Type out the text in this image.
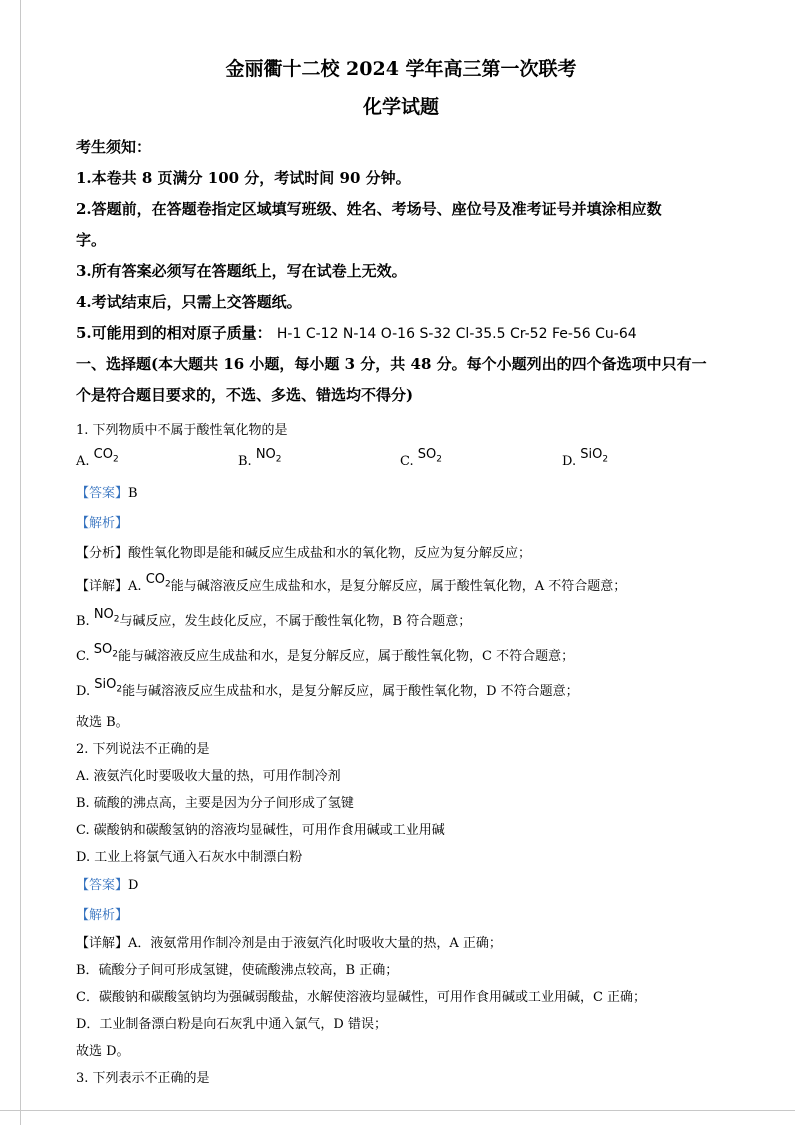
金丽衢十二校 2024 学年高三第一次联考
化学试题
考生须知：
1.本卷共 8 页满分 100 分，考试时间 90 分钟。
2.答题前，在答题卷指定区域填写班级、姓名、考场号、座位号及准考证号并填涂相应数
字。
3.所有答案必须写在答题纸上，写在试卷上无效。
4.考试结束后，只需上交答题纸。
5.可能用到的相对原子质量： H-1 C-12 N-14 O-16 S-32 Cl-35.5 Cr-52 Fe-56 Cu-64
一、选择题(本大题共 16 小题，每小题 3 分，共 48 分。每个小题列出的四个备选项中只有一
个是符合题目要求的，不选、多选、错选均不得分)
1. 下列物质中不属于酸性氧化物的是
A. $CO_2$	B. $NO_2$	C. $SO_2$	D. SiO$_2$
【答案】B
【解析】
【分析】酸性氧化物即是能和碱反应生成盐和水的氧化物，反应为复分解反应；
【详解】A. $CO_2$能与碱溶液反应生成盐和水，是复分解反应，属于酸性氧化物，A 不符合题意；
B. $NO_2$与碱反应，发生歧化反应，不属于酸性氧化物，B 符合题意；
C. $SO_2$能与碱溶液反应生成盐和水，是复分解反应，属于酸性氧化物，C 不符合题意；
D. SiO$_2$能与碱溶液反应生成盐和水，是复分解反应，属于酸性氧化物，D 不符合题意；
故选 B。
2. 下列说法不正确的是
A. 液氨汽化时要吸收大量的热，可用作制冷剂
B. 硫酸的沸点高，主要是因为分子间形成了氢键
C. 碳酸钠和碳酸氢钠的溶液均显碱性，可用作食用碱或工业用碱
D. 工业上将氯气通入石灰水中制漂白粉
【答案】D
【解析】
【详解】A．液氨常用作制冷剂是由于液氨汽化时吸收大量的热，A 正确；
B．硫酸分子间可形成氢键，使硫酸沸点较高，B 正确；
C．碳酸钠和碳酸氢钠均为强碱弱酸盐，水解使溶液均显碱性，可用作食用碱或工业用碱，C 正确；
D．工业制备漂白粉是向石灰乳中通入氯气，D 错误；
故选 D。
3. 下列表示不正确的是
